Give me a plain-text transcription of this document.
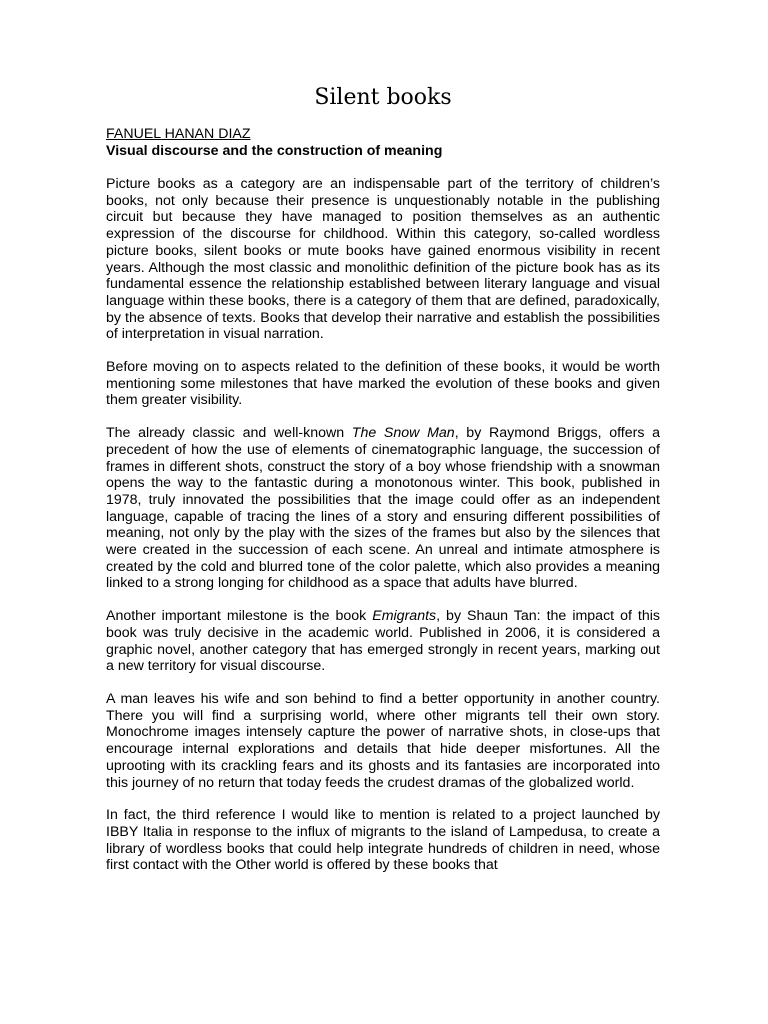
Silent books

FANUEL HANAN DIAZ

Visual discourse and the construction of meaning

Picture books as a category are an indispensable part of the territory of children’s books, not only because their presence is unquestionably notable in the publishing circuit but because they have managed to position themselves as an authentic expression of the discourse for childhood. Within this category, so-called wordless picture books, silent books or mute books have gained enormous visibility in recent years. Although the most classic and monolithic definition of the picture book has as its fundamental essence the relationship established between literary language and visual language within these books, there is a category of them that are defined, paradoxically, by the absence of texts. Books that develop their narrative and establish the possibilities of interpretation in visual narration.

Before moving on to aspects related to the definition of these books, it would be worth mentioning some milestones that have marked the evolution of these books and given them greater visibility.

The already classic and well-known The Snow Man, by Raymond Briggs, offers a precedent of how the use of elements of cinematographic language, the succession of frames in different shots, construct the story of a boy whose friendship with a snowman opens the way to the fantastic during a monotonous winter. This book, published in 1978, truly innovated the possibilities that the image could offer as an independent language, capable of tracing the lines of a story and ensuring different possibilities of meaning, not only by the play with the sizes of the frames but also by the silences that were created in the succession of each scene. An unreal and intimate atmosphere is created by the cold and blurred tone of the color palette, which also provides a meaning linked to a strong longing for childhood as a space that adults have blurred.

Another important milestone is the book Emigrants, by Shaun Tan: the impact of this book was truly decisive in the academic world. Published in 2006, it is considered a graphic novel, another category that has emerged strongly in recent years, marking out a new territory for visual discourse.

A man leaves his wife and son behind to find a better opportunity in another country. There you will find a surprising world, where other migrants tell their own story. Monochrome images intensely capture the power of narrative shots, in close-ups that encourage internal explorations and details that hide deeper misfortunes. All the uprooting with its crackling fears and its ghosts and its fantasies are incorporated into this journey of no return that today feeds the crudest dramas of the globalized world.

In fact, the third reference I would like to mention is related to a project launched by IBBY Italia in response to the influx of migrants to the island of Lampedusa, to create a library of wordless books that could help integrate hundreds of children in need, whose first contact with the Other world is offered by these books that
